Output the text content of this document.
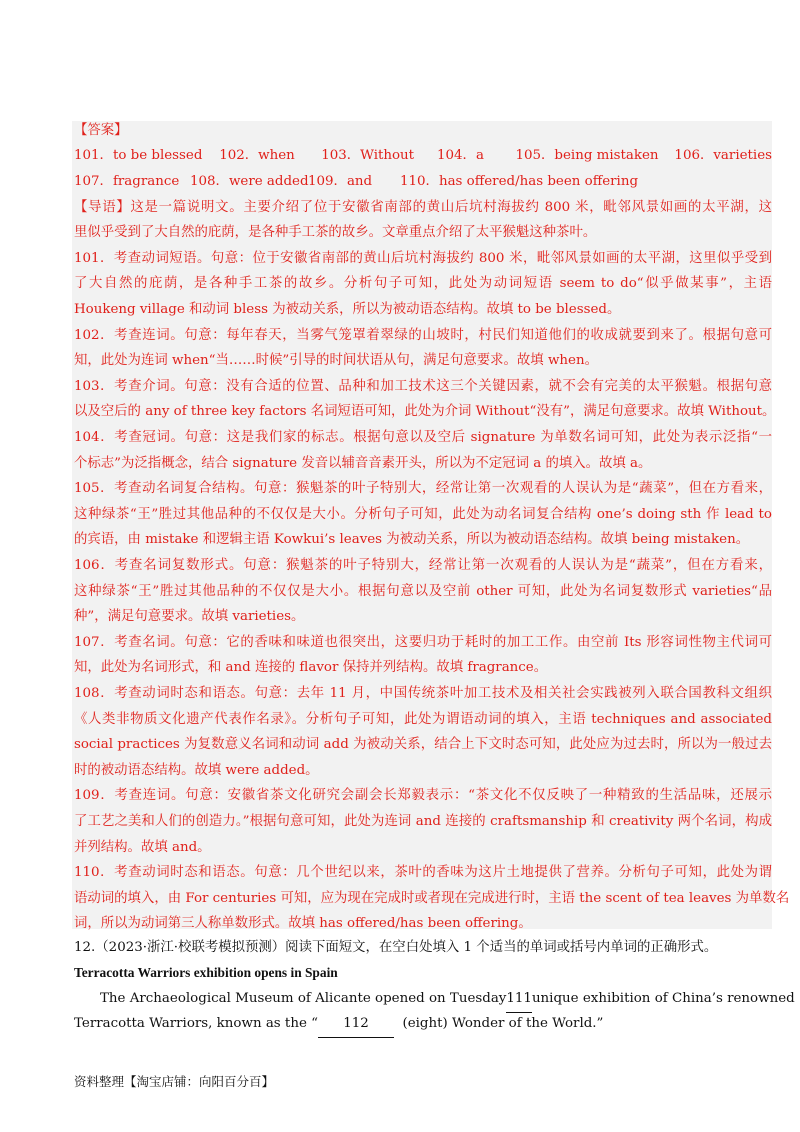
【答案】
101．to be blessed	102．when	103．Without	104．a	105．being mistaken	106．varieties
107．fragrance 108．were added 109．and	110．has offered/has been offering
【导语】这是一篇说明文。主要介绍了位于安徽省南部的黄山后坑村海拔约 800 米，毗邻风景如画的太平湖，这
里似乎受到了大自然的庇荫，是各种手工茶的故乡。文章重点介绍了太平猴魁这种茶叶。
101．考查动词短语。句意：位于安徽省南部的黄山后坑村海拔约 800 米，毗邻风景如画的太平湖，这里似乎受到
了大自然的庇荫，是各种手工茶的故乡。分析句子可知，此处为动词短语 seem to do“似乎做某事”，主语
Houkeng village 和动词 bless 为被动关系，所以为被动语态结构。故填 to be blessed。
102．考查连词。句意：每年春天，当雾气笼罩着翠绿的山坡时，村民们知道他们的收成就要到来了。根据句意可
知，此处为连词 when“当……时候”引导的时间状语从句，满足句意要求。故填 when。
103．考查介词。句意：没有合适的位置、品种和加工技术这三个关键因素，就不会有完美的太平猴魁。根据句意
以及空后的 any of three key factors 名词短语可知，此处为介词 Without“没有”，满足句意要求。故填 Without。
104．考查冠词。句意：这是我们家的标志。根据句意以及空后 signature 为单数名词可知，此处为表示泛指“一
个标志”为泛指概念，结合 signature 发音以辅音音素开头，所以为不定冠词 a 的填入。故填 a。
105．考查动名词复合结构。句意：猴魁茶的叶子特别大，经常让第一次观看的人误认为是“蔬菜”，但在方看来，
这种绿茶“王”胜过其他品种的不仅仅是大小。分析句子可知，此处为动名词复合结构 one’s doing sth 作 lead to
的宾语，由 mistake 和逻辑主语 Kowkui’s leaves 为被动关系，所以为被动语态结构。故填 being mistaken。
106．考查名词复数形式。句意：猴魁茶的叶子特别大，经常让第一次观看的人误认为是“蔬菜”，但在方看来，
这种绿茶“王”胜过其他品种的不仅仅是大小。根据句意以及空前 other 可知，此处为名词复数形式 varieties“品
种”，满足句意要求。故填 varieties。
107．考查名词。句意：它的香味和味道也很突出，这要归功于耗时的加工工作。由空前 Its 形容词性物主代词可
知，此处为名词形式，和 and 连接的 flavor 保持并列结构。故填 fragrance。
108．考查动词时态和语态。句意：去年 11 月，中国传统茶叶加工技术及相关社会实践被列入联合国教科文组织
《人类非物质文化遗产代表作名录》。分析句子可知，此处为谓语动词的填入，主语 techniques and associated
social practices 为复数意义名词和动词 add 为被动关系，结合上下文时态可知，此处应为过去时，所以为一般过去
时的被动语态结构。故填 were added。
109．考查连词。句意：安徽省茶文化研究会副会长郑毅表示：“茶文化不仅反映了一种精致的生活品味，还展示
了工艺之美和人们的创造力。”根据句意可知，此处为连词 and 连接的 craftsmanship 和 creativity 两个名词，构成
并列结构。故填 and。
110．考查动词时态和语态。句意：几个世纪以来，茶叶的香味为这片土地提供了营养。分析句子可知，此处为谓
语动词的填入，由 For centuries 可知，应为现在完成时或者现在完成进行时，主语 the scent of tea leaves 为单数名
词，所以为动词第三人称单数形式。故填 has offered/has been offering。
12.（2023·浙江·校联考模拟预测）阅读下面短文，在空白处填入 1 个适当的单词或括号内单词的正确形式。
Terracotta Warriors exhibition opens in Spain
The Archaeological Museum of Alicante opened on Tuesday 111 unique exhibition of China’s renowned
Terracotta Warriors, known as the “ 112	(eight) Wonder of the World.”
资料整理【淘宝店铺：向阳百分百】
